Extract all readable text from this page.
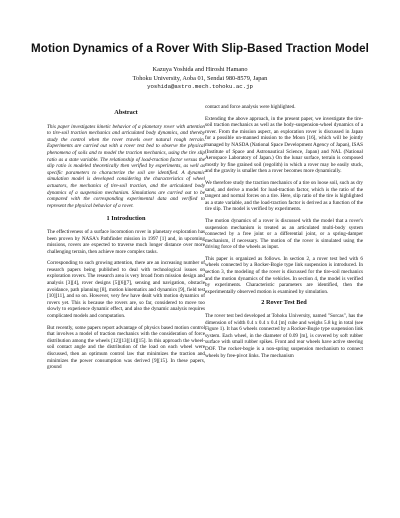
Motion Dynamics of a Rover With Slip-Based Traction Model
Kazuya Yoshida and Hiroshi Hamano
Tohoku University, Aoba 01, Sendai 980-8579, Japan
yoshida@astro.mech.tohoku.ac.jp
Abstract

This paper investigates kinetic behavior of a planetary rover with attention to tire-soil traction mechanics and articulated body dynamics, and thereby study the control when the rover travels over natural rough terrain. Experiments are carried out with a rover test bed to observe the physical phenomena of soils and to model the traction mechanics, using the tire slip ratio as a state variable. The relationship of load-traction factor versus the slip ratio is modeled theoretically then verified by experiments, as well as specific parameters to characterize the soil are identified. A dynamic simulation model is developed considering the characteristics of wheel actuators, the mechanics of tire-soil traction, and the articulated body dynamics of a suspension mechanism. Simulations are carried out to be compared with the corresponding experimental data and verified to represent the physical behavior of a rover.

1 Introduction

The effectiveness of a surface locomotion rover in planetary exploration has been proven by NASA's Pathfinder mission in 1997 [1] and, in upcoming missions, rovers are expected to traverse much longer distance over more challenging terrain, then achieve more complex tasks.

Corresponding to such growing attention, there are an increasing number of research papers being published to deal with technological issues on exploration rovers. The research area is very broad from mission design and analysis [3][4], rover designs [5][6][7], sensing and navigation, obstacle avoidance, path planning [8], motion kinematics and dynamics [9], field test [10][11], and so on. However, very few have dealt with motion dynamics of rovers yet. This is because the rovers are, so far, considered to move too slowly to experience dynamic effect, and also the dynamic analysis requires complicated models and computation.

But recently, some papers report advantage of physics based motion control that involves a model of traction mechanics with the consideration of force distribution among the wheels [12][13][14][15]. In this approach the wheel-soil contact angle and the distribution of the load on each wheel were discussed, then an optimum control law that minimizes the traction and minimizes the power consumption was derived [9][15]. In these papers, ground

contact and force analysis were highlighted.

Extending the above approach, in the present paper, we investigate the tire-soil traction mechanics as well as the body-suspension-wheel dynamics of a rover. From the mission aspect, an exploration rover is discussed in Japan for a possible un-manned mission to the Moon [16], which will be jointly managed by NASDA (National Space Development Agency of Japan), ISAS (Institute of Space and Astronautical Science, Japan) and NAL (National Aerospace Laboratory of Japan.) On the lunar surface, terrain is composed mostly by fine grained soil (regolith) in which a rover may be easily stuck, and the gravity is smaller then a rover becomes more dynamically.

We therefore study the traction mechanics of a tire on loose soil, such as dry sand, and derive a model for load-traction factor, which is the ratio of the tangent and normal forces on a tire. Here, slip ratio of the tire is highlighted as a state variable, and the load-traction factor is derived as a function of the tire slip. The model is verified by experiments.

The motion dynamics of a rover is discussed with the model that a rover's suspension mechanism is treated as an articulated multi-body system connected by a free joint or a differential joint, or a spring-damper mechanism, if necessary. The motion of the rover is simulated using the driving force of the wheels as input.

This paper is organized as follows. In section 2, a rover test bed with 6 wheels connected by a Rocker-Bogie type link suspension is introduced. In section 3, the modeling of the rover is discussed for the tire-soil mechanics and the motion dynamics of the vehicles. In section 4, the model is verified by experiments. Characteristic parameters are identified, then the experimentally observed motion is examined by simulation.

2 Rover Test Bed

The rover test bed developed at Tohoku University, named "Sorcas", has the dimension of width 0.4 x 0.4 x 0.4 [m] cube and weighs 5.8 kg in total (see Figure 1). It has 6 wheels connected by a Rocker-Bogie type suspension link system. Each wheel, in the diameter of 0.09 [m], is covered by soft rubber surface with small rubber spikes. Front and rear wheels have active steering DOF. The rocker-bogie is a non-spring suspension mechanism to connect wheels by free-pivot links. The mechanism
